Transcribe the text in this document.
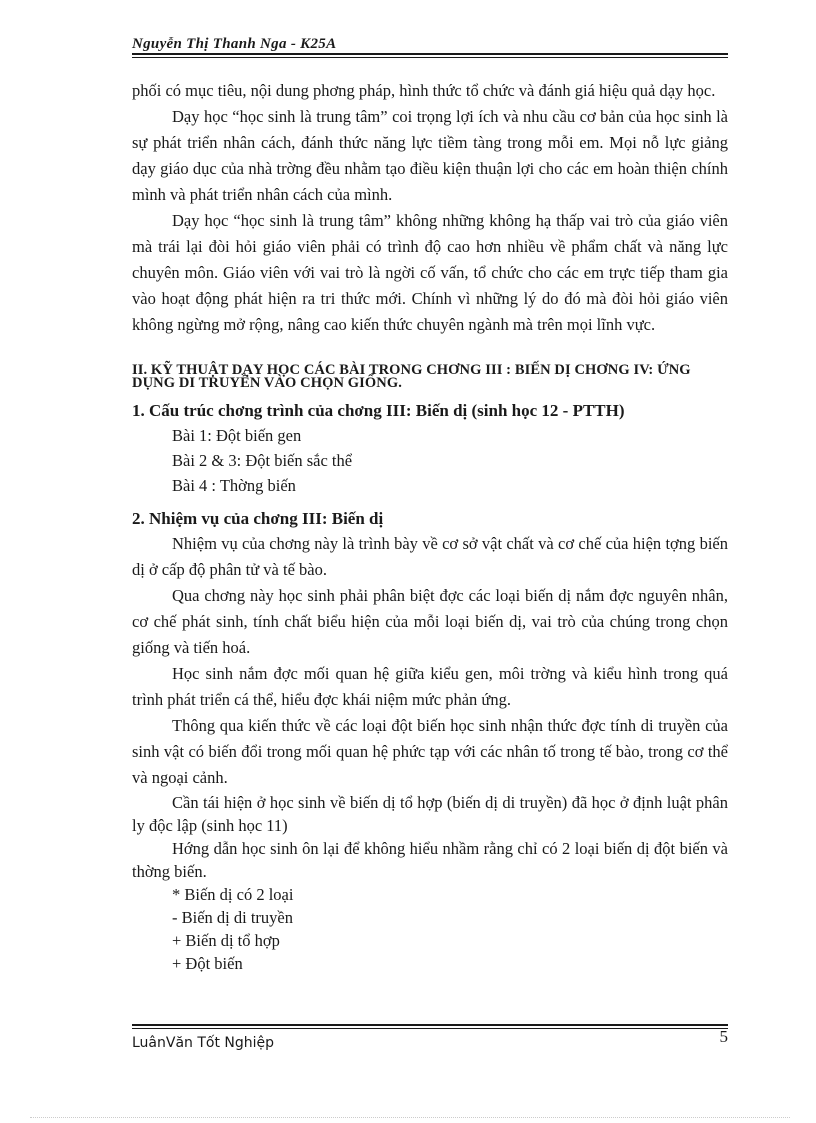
Nguyễn Thị Thanh Nga - K25A

phối có mục tiêu, nội dung phơng pháp, hình thức tổ chức và đánh giá hiệu quả dạy học.

Dạy học “học sinh là trung tâm” coi trọng lợi ích và nhu cầu cơ bản của học sinh là sự phát triển nhân cách, đánh thức năng lực tiềm tàng trong mỗi em. Mọi nỗ lực giảng dạy giáo dục của nhà trờng đều nhằm tạo điều kiện thuận lợi cho các em hoàn thiện chính mình và phát triển nhân cách của mình.

Dạy học “học sinh là trung tâm” không những không hạ thấp vai trò của giáo viên mà trái lại đòi hỏi giáo viên phải có trình độ cao hơn nhiều về phẩm chất và năng lực chuyên môn. Giáo viên với vai trò là ngời cố vấn, tổ chức cho các em trực tiếp tham gia vào hoạt động phát hiện ra tri thức mới. Chính vì những lý do đó mà đòi hỏi giáo viên không ngừng mở rộng, nâng cao kiến thức chuyên ngành mà trên mọi lĩnh vực.

II. KỸ THUẬT DẠY HỌC CÁC BÀI TRONG CHƠNG III : BIẾN DỊ CHƠNG IV: ỨNG DỤNG DI TRUYỀN VÀO CHỌN GIỐNG.

1. Cấu trúc chơng trình của chơng III: Biến dị (sinh học 12 - PTTH)

Bài 1: Đột biến gen

Bài 2 & 3: Đột biến sắc thể

Bài 4 : Thờng biến

2. Nhiệm vụ của chơng III: Biến dị

Nhiệm vụ của chơng này là trình bày về cơ sở vật chất và cơ chế của hiện tợng biến dị ở cấp độ phân tử và tế bào.

Qua chơng này học sinh phải phân biệt đợc các loại biến dị nắm đợc nguyên nhân, cơ chế phát sinh, tính chất biểu hiện của mỗi loại biến dị, vai trò của chúng trong chọn giống và tiến hoá.

Học sinh nắm đợc mối quan hệ giữa kiểu gen, môi trờng và kiểu hình trong quá trình phát triển cá thể, hiểu đợc khái niệm mức phản ứng.

Thông qua kiến thức về các loại đột biến học sinh nhận thức đợc tính di truyền của sinh vật có biến đổi trong mối quan hệ phức tạp với các nhân tố trong tế bào, trong cơ thể và ngoại cảnh.

Cần tái hiện ở học sinh về biến dị tổ hợp (biến dị di truyền) đã học ở định luật phân ly độc lập (sinh học 11)

Hớng dẫn học sinh ôn lại để không hiểu nhầm rằng chỉ có 2 loại biến dị đột biến và thờng biến.

* Biến dị có 2 loại

- Biến dị di truyền

+ Biến dị tổ hợp

+ Đột biến

LuânVăn Tốt Nghiệp	5
